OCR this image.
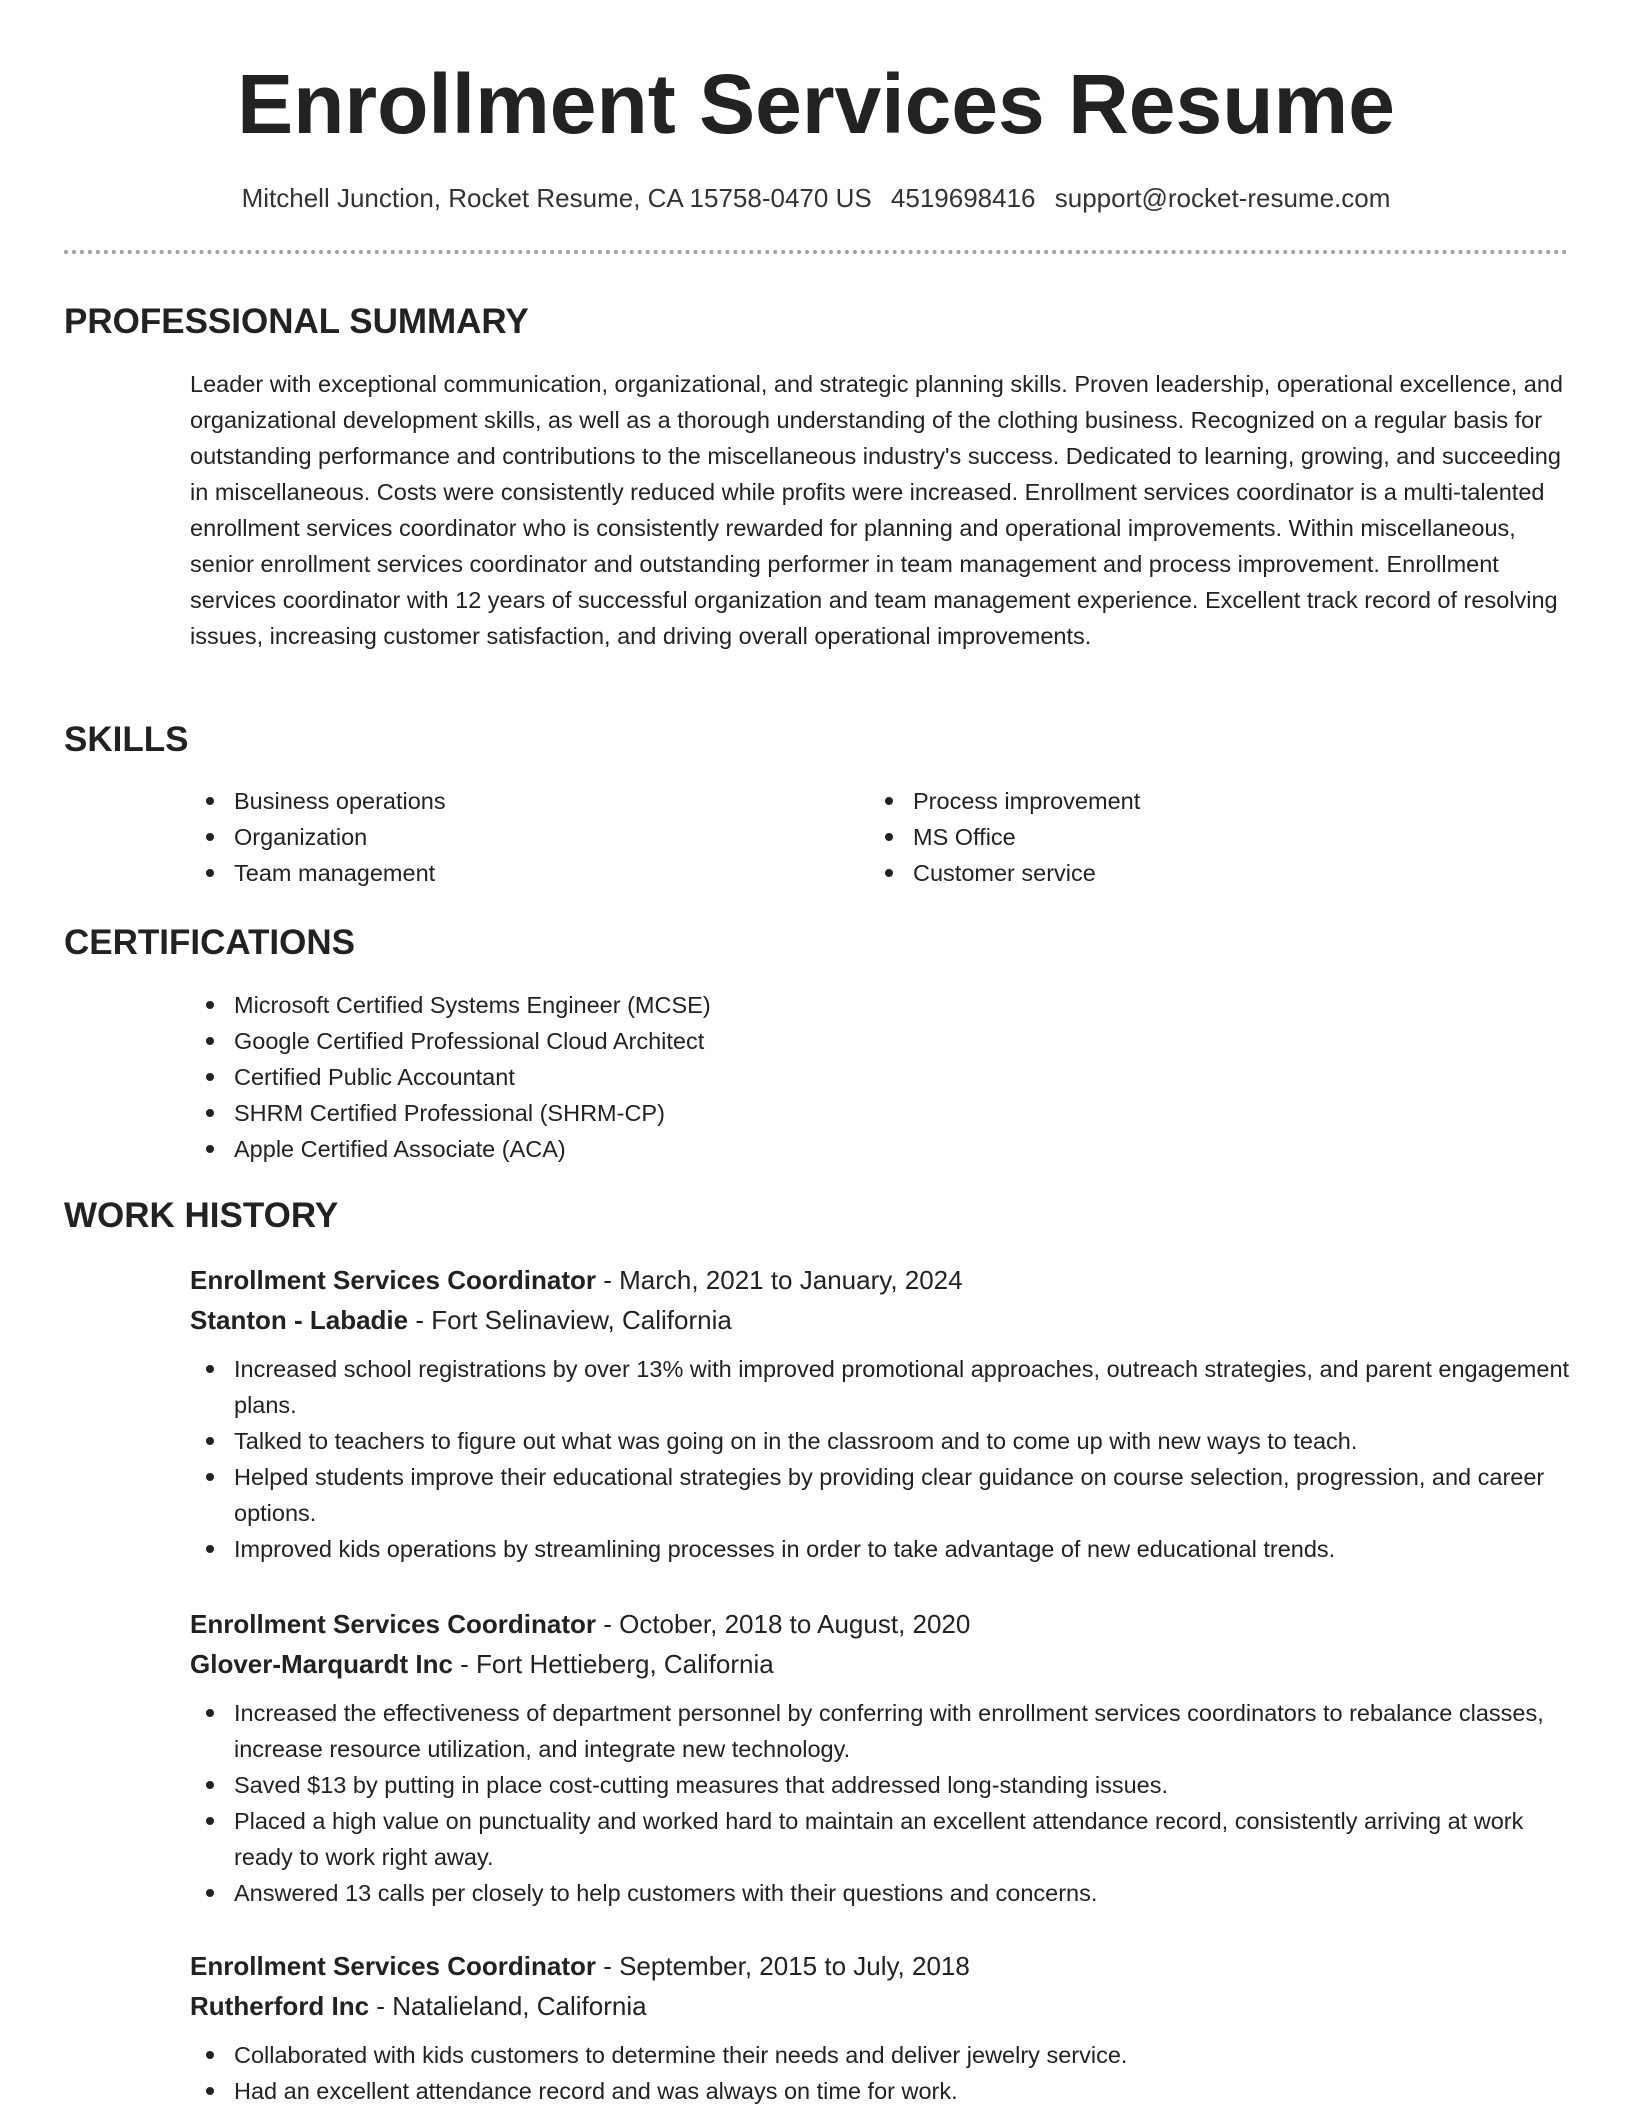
Enrollment Services Resume
Mitchell Junction, Rocket Resume, CA 15758-0470 US 4519698416 support@rocket-resume.com
PROFESSIONAL SUMMARY
Leader with exceptional communication, organizational, and strategic planning skills. Proven leadership, operational excellence, and organizational development skills, as well as a thorough understanding of the clothing business. Recognized on a regular basis for outstanding performance and contributions to the miscellaneous industry's success. Dedicated to learning, growing, and succeeding in miscellaneous. Costs were consistently reduced while profits were increased. Enrollment services coordinator is a multi-talented enrollment services coordinator who is consistently rewarded for planning and operational improvements. Within miscellaneous, senior enrollment services coordinator and outstanding performer in team management and process improvement. Enrollment services coordinator with 12 years of successful organization and team management experience. Excellent track record of resolving issues, increasing customer satisfaction, and driving overall operational improvements.
SKILLS
Business operations
Organization
Team management
Process improvement
MS Office
Customer service
CERTIFICATIONS
Microsoft Certified Systems Engineer (MCSE)
Google Certified Professional Cloud Architect
Certified Public Accountant
SHRM Certified Professional (SHRM-CP)
Apple Certified Associate (ACA)
WORK HISTORY
Enrollment Services Coordinator - March, 2021 to January, 2024
Stanton - Labadie - Fort Selinaview, California
Increased school registrations by over 13% with improved promotional approaches, outreach strategies, and parent engagement plans.
Talked to teachers to figure out what was going on in the classroom and to come up with new ways to teach.
Helped students improve their educational strategies by providing clear guidance on course selection, progression, and career options.
Improved kids operations by streamlining processes in order to take advantage of new educational trends.
Enrollment Services Coordinator - October, 2018 to August, 2020
Glover-Marquardt Inc - Fort Hettieberg, California
Increased the effectiveness of department personnel by conferring with enrollment services coordinators to rebalance classes, increase resource utilization, and integrate new technology.
Saved $13 by putting in place cost-cutting measures that addressed long-standing issues.
Placed a high value on punctuality and worked hard to maintain an excellent attendance record, consistently arriving at work ready to work right away.
Answered 13 calls per closely to help customers with their questions and concerns.
Enrollment Services Coordinator - September, 2015 to July, 2018
Rutherford Inc - Natalieland, California
Collaborated with kids customers to determine their needs and deliver jewelry service.
Had an excellent attendance record and was always on time for work.
